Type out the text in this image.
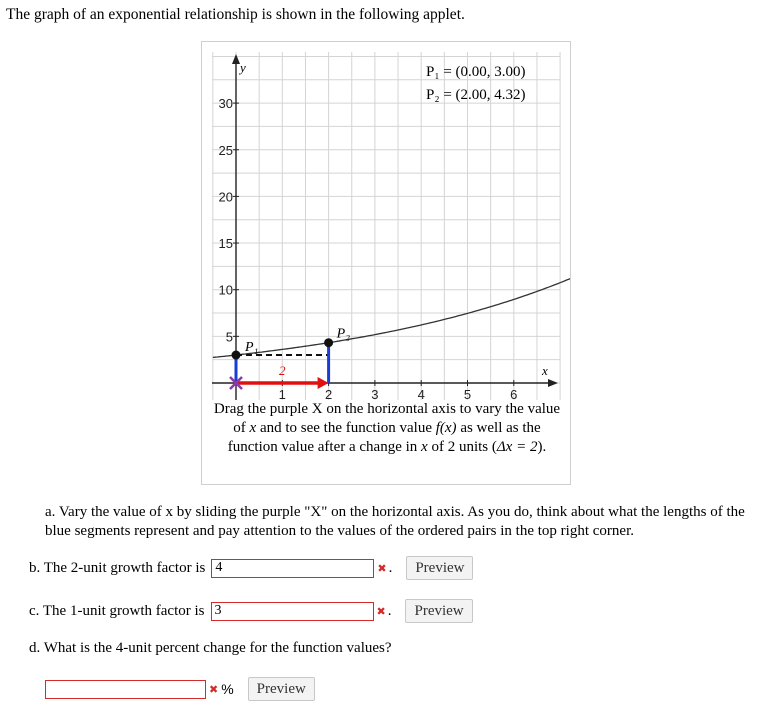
The graph of an exponential relationship is shown in the following applet.
y
x
5
10
15
20
25
30
1	2	3	4	5	6
2
P₁
P₂
P₁ = (0.00, 3.00)
P₂ = (2.00, 4.32)
Drag the purple X on the horizontal axis to vary the value of x and to see the function value f(x) as well as the function value after a change in x of 2 units (Δx = 2).
a. Vary the value of x by sliding the purple "X" on the horizontal axis. As you do, think about what the lengths of the blue segments represent and pay attention to the values of the ordered pairs in the top right corner.
b. The 2-unit growth factor is
4	✖ .	Preview
c. The 1-unit growth factor is
3	✖ .	Preview
d. What is the 4-unit percent change for the function values?
✖ %	Preview
